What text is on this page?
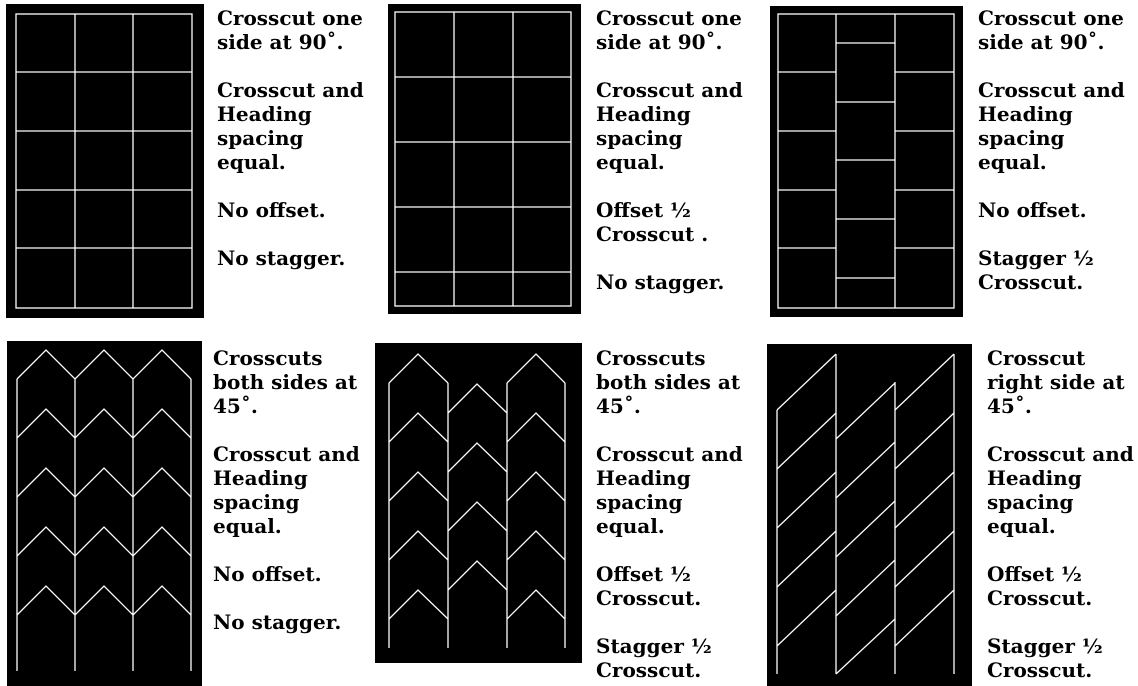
Crosscut one
side at 90˚.

Crosscut and
Heading
spacing
equal.

No offset.

No stagger.

Crosscut one
side at 90˚.

Crosscut and
Heading
spacing
equal.

Offset ½
Crosscut .

No stagger.

Crosscut one
side at 90˚.

Crosscut and
Heading
spacing
equal.

No offset.

Stagger ½
Crosscut.

Crosscuts
both sides at
45˚.

Crosscut and
Heading
spacing
equal.

No offset.

No stagger.

Crosscuts
both sides at
45˚.

Crosscut and
Heading
spacing
equal.

Offset ½
Crosscut.

Stagger ½
Crosscut.

Crosscut
right side at
45˚.

Crosscut and
Heading
spacing
equal.

Offset ½
Crosscut.

Stagger ½
Crosscut.
